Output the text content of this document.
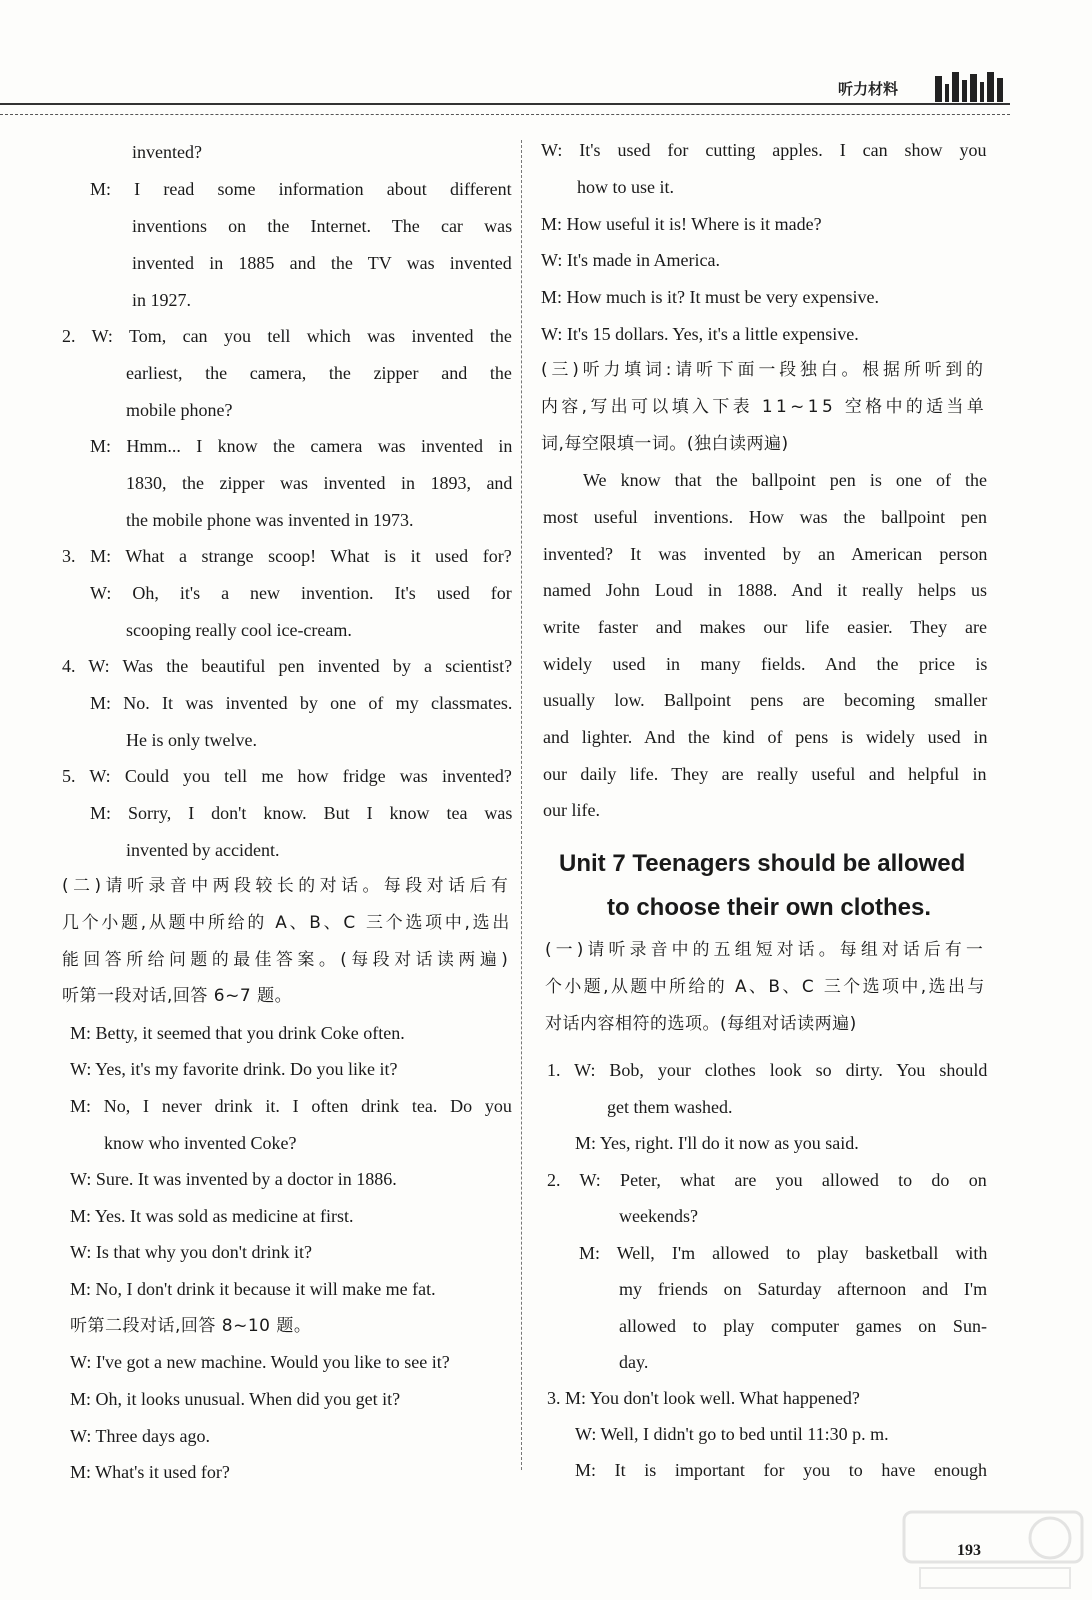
听力材料
invented?
M: I read some information about different
inventions on the Internet. The car was
invented in 1885 and the TV was invented
in 1927.
2. W: Tom, can you tell which was invented the
earliest, the camera, the zipper and the
mobile phone?
M: Hmm... I know the camera was invented in
1830, the zipper was invented in 1893, and
the mobile phone was invented in 1973.
3. M: What a strange scoop! What is it used for?
W: Oh, it's a new invention. It's used for
scooping really cool ice-cream.
4. W: Was the beautiful pen invented by a scientist?
M: No. It was invented by one of my classmates.
He is only twelve.
5. W: Could you tell me how fridge was invented?
M: Sorry, I don't know. But I know tea was
invented by accident.
(二)请听录音中两段较长的对话。每段对话后有
几个小题,从题中所给的 A、B、C 三个选项中,选出
能回答所给问题的最佳答案。(每段对话读两遍)
听第一段对话,回答 6~7 题。
M: Betty, it seemed that you drink Coke often.
W: Yes, it's my favorite drink. Do you like it?
M: No, I never drink it. I often drink tea. Do you
know who invented Coke?
W: Sure. It was invented by a doctor in 1886.
M: Yes. It was sold as medicine at first.
W: Is that why you don't drink it?
M: No, I don't drink it because it will make me fat.
听第二段对话,回答 8~10 题。
W: I've got a new machine. Would you like to see it?
M: Oh, it looks unusual. When did you get it?
W: Three days ago.
M: What's it used for?
Unit 7 Teenagers should be allowed
to choose their own clothes.
W: It's used for cutting apples. I can show you
how to use it.
M: How useful it is! Where is it made?
W: It's made in America.
M: How much is it? It must be very expensive.
W: It's 15 dollars. Yes, it's a little expensive.
(三)听力填词:请听下面一段独白。根据所听到的
内容,写出可以填入下表 11~15 空格中的适当单
词,每空限填一词。(独白读两遍)
We know that the ballpoint pen is one of the
most useful inventions. How was the ballpoint pen
invented? It was invented by an American person
named John Loud in 1888. And it really helps us
write faster and makes our life easier. They are
widely used in many fields. And the price is
usually low. Ballpoint pens are becoming smaller
and lighter. And the kind of pens is widely used in
our daily life. They are really useful and helpful in
our life.
(一)请听录音中的五组短对话。每组对话后有一
个小题,从题中所给的 A、B、C 三个选项中,选出与
对话内容相符的选项。(每组对话读两遍)
1. W: Bob, your clothes look so dirty. You should
get them washed.
M: Yes, right. I'll do it now as you said.
2. W: Peter, what are you allowed to do on
weekends?
M: Well, I'm allowed to play basketball with
my friends on Saturday afternoon and I'm
allowed to play computer games on Sun-
day.
3. M: You don't look well. What happened?
W: Well, I didn't go to bed until 11:30 p. m.
M: It is important for you to have enough
193
